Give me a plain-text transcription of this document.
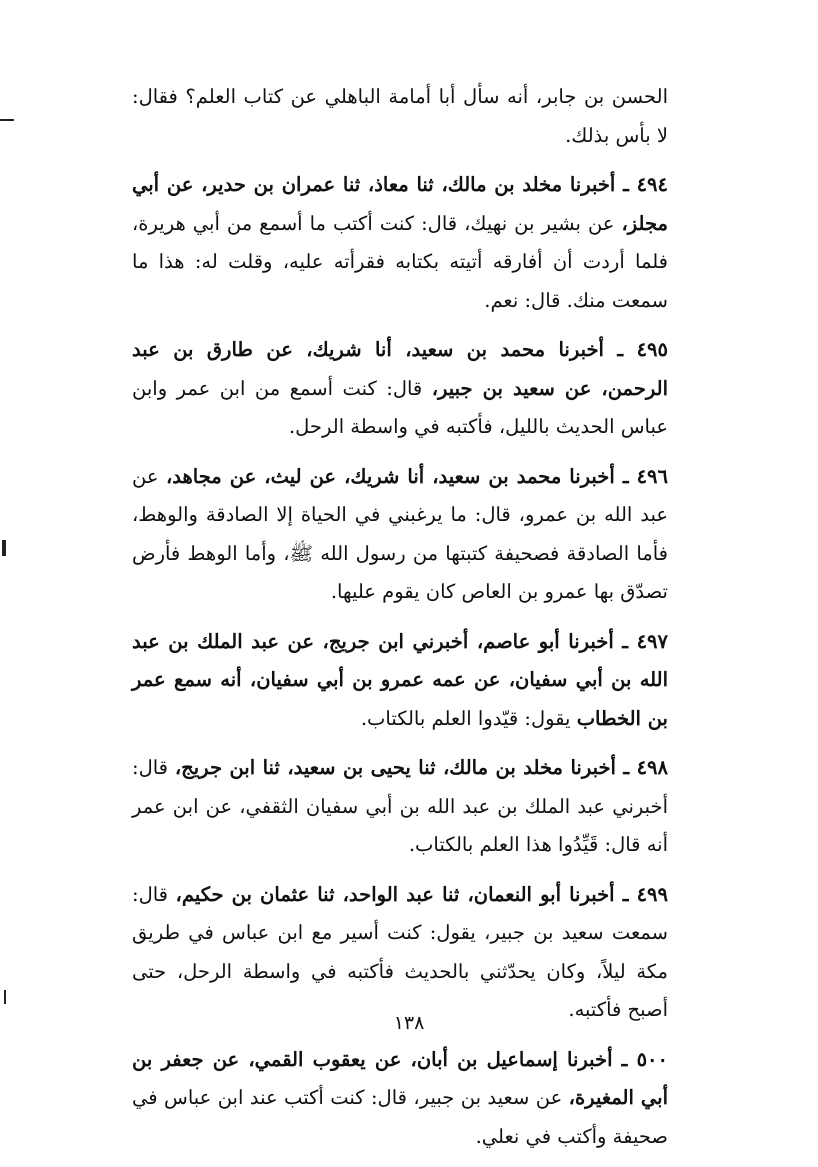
الحسن بن جابر، أنه سأل أبا أمامة الباهلي عن كتاب العلم؟ فقال: لا بأس بذلك.

٤٩٤ ـ أخبرنا مخلد بن مالك، ثنا معاذ، ثنا عمران بن حدير، عن أبي مجلز، عن بشير بن نهيك، قال: كنت أكتب ما أسمع من أبي هريرة، فلما أردت أن أفارقه أتيته بكتابه فقرأته عليه، وقلت له: هذا ما سمعت منك. قال: نعم.

٤٩٥ ـ أخبرنا محمد بن سعيد، أنا شريك، عن طارق بن عبد الرحمن، عن سعيد بن جبير، قال: كنت أسمع من ابن عمر وابن عباس الحديث بالليل، فأكتبه في واسطة الرحل.

٤٩٦ ـ أخبرنا محمد بن سعيد، أنا شريك، عن ليث، عن مجاهد، عن عبد الله بن عمرو، قال: ما يرغبني في الحياة إلا الصادقة والوهط، فأما الصادقة فصحيفة كتبتها من رسول الله ﷺ، وأما الوهط فأرض تصدّق بها عمرو بن العاص كان يقوم عليها.

٤٩٧ ـ أخبرنا أبو عاصم، أخبرني ابن جريج، عن عبد الملك بن عبد الله بن أبي سفيان، عن عمه عمرو بن أبي سفيان، أنه سمع عمر بن الخطاب يقول: قيّدوا العلم بالكتاب.

٤٩٨ ـ أخبرنا مخلد بن مالك، ثنا يحيى بن سعيد، ثنا ابن جريج، قال: أخبرني عبد الملك بن عبد الله بن أبي سفيان الثقفي، عن ابن عمر أنه قال: قَيِّدُوا هذا العلم بالكتاب.

٤٩٩ ـ أخبرنا أبو النعمان، ثنا عبد الواحد، ثنا عثمان بن حكيم، قال: سمعت سعيد بن جبير، يقول: كنت أسير مع ابن عباس في طريق مكة ليلاً، وكان يحدّثني بالحديث فأكتبه في واسطة الرحل، حتى أصبح فأكتبه.

٥٠٠ ـ أخبرنا إسماعيل بن أبان، عن يعقوب القمي، عن جعفر بن أبي المغيرة، عن سعيد بن جبير، قال: كنت أكتب عند ابن عباس في صحيفة وأكتب في نعلي.

١٣٨
